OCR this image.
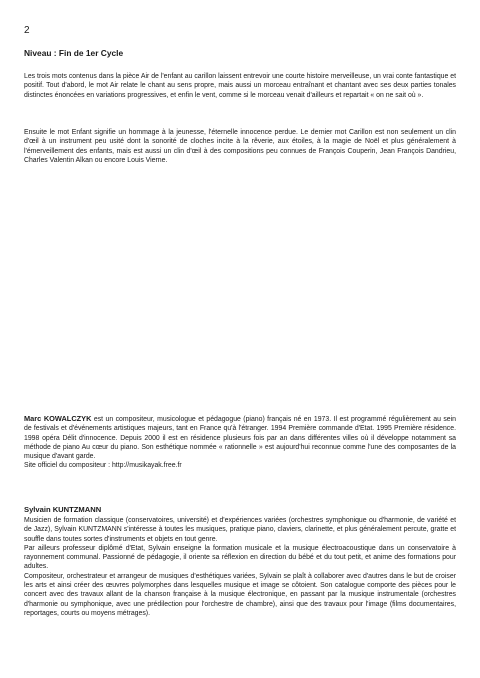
2
Niveau : Fin de 1er Cycle

Les trois mots contenus dans la pièce Air de l'enfant au carillon laissent entrevoir une courte histoire merveilleuse, un vrai conte fantastique et positif. Tout d'abord, le mot Air relate le chant au sens propre, mais aussi un morceau entraînant et chantant avec ses deux parties tonales distinctes énoncées en variations progressives, et enfin le vent, comme si le morceau venait d'ailleurs et repartait « on ne sait où ».

Ensuite le mot Enfant signifie un hommage à la jeunesse, l'éternelle innocence perdue. Le dernier mot Carillon est non seulement un clin d'œil à un instrument peu usité dont la sonorité de cloches incite à la rêverie, aux étoiles, à la magie de Noël et plus généralement à l'émerveillement des enfants, mais est aussi un clin d'œil à des compositions peu connues de François Couperin, Jean François Dandrieu, Charles Valentin Alkan ou encore Louis Vierne.

Marc KOWALCZYK est un compositeur, musicologue et pédagogue (piano) français né en 1973. Il est programmé régulièrement au sein de festivals et d'événements artistiques majeurs, tant en France qu'à l'étranger. 1994 Première commande d'Etat. 1995 Première résidence. 1998 opéra Délit d'innocence. Depuis 2000 il est en résidence plusieurs fois par an dans différentes villes où il développe notamment sa méthode de piano Au cœur du piano. Son esthétique nommée « rationnelle » est aujourd'hui reconnue comme l'une des composantes de la musique d'avant garde.
Site officiel du compositeur : http://musikayak.free.fr
Sylvain KUNTZMANN

Musicien de formation classique (conservatoires, université) et d'expériences variées (orchestres symphonique ou d'harmonie, de variété et de Jazz), Sylvain KUNTZMANN s'intéresse à toutes les musiques, pratique piano, claviers, clarinette, et plus généralement percute, gratte et souffle dans toutes sortes d'instruments et objets en tout genre.

Par ailleurs professeur diplômé d'Etat, Sylvain enseigne la formation musicale et la musique électroacoustique dans un conservatoire à rayonnement communal. Passionné de pédagogie, il oriente sa réflexion en direction du bébé et du tout petit, et anime des formations pour adultes.

Compositeur, orchestrateur et arrangeur de musiques d'esthétiques variées, Sylvain se plaît à collaborer avec d'autres dans le but de croiser les arts et ainsi créer des œuvres polymorphes dans lesquelles musique et image se côtoient. Son catalogue comporte des pièces pour le concert avec des travaux allant de la chanson française à la musique électronique, en passant par la musique instrumentale (orchestres d'harmonie ou symphonique, avec une prédilection pour l'orchestre de chambre), ainsi que des travaux pour l'image (films documentaires, reportages, courts ou moyens métrages).
